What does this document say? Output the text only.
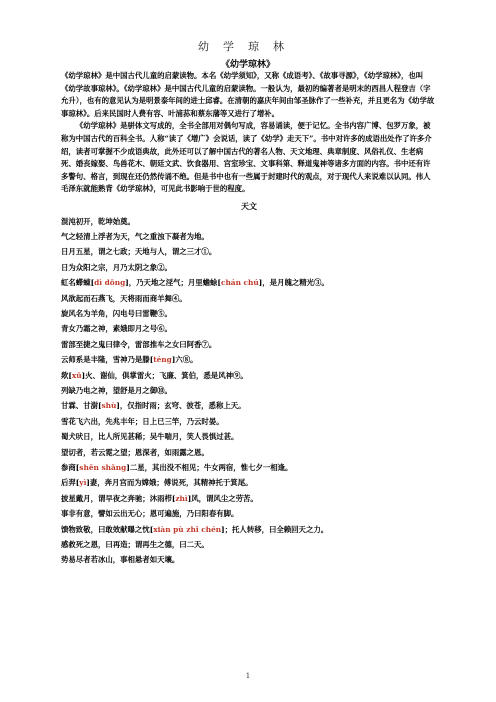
幼学琼林
《幼学琼林》

《幼学琼林》是中国古代儿童的启蒙读物。本名《幼学须知》，又称《成语考》、《故事寻源》，《幼学琼林》，也叫《幼学故事琼林》。《幼学琼林》是中国古代儿童的启蒙读物。一般认为，最初的编著者是明末的西昌人程登吉（字允升），也有的意见认为是明景泰年间的进士邱睿。在清朝的嘉庆年间由邹圣脉作了一些补充，并且更名为《幼学故事琼林》。后来民国时人费有容、叶浦荪和蔡东藩等又进行了增补。

《幼学琼林》是骈体文写成的，全书全部用对偶句写成，容易诵读，便于记忆。全书内容广博、包罗万象，被称为中国古代的百科全书。人称“读了《增广》会说话，读了《幼学》走天下”。书中对许多的成语出处作了许多介绍，读者可掌握不少成语典故，此外还可以了解中国古代的著名人物、天文地理、典章制度、风俗礼仪、生老病死、婚丧嫁娶、鸟兽花木、朝廷文武、饮食器用、宫室珍宝、文事科第、释道鬼神等诸多方面的内容。书中还有许多警句、格言，到现在还仍然传诵不绝。但是书中也有一些属于封建时代的观点，对于现代人来说难以认同。伟人毛泽东就能熟背《幼学琼林》，可见此书影响于世的程度。

天文

混沌初开，乾坤始奠。

气之轻清上浮者为天，气之重浊下凝者为地。

日月五星，谓之七政；天地与人，谓之三才①。

日为众阳之宗，月乃太阴之象②。

虹名䗖蝀[dì dōng]，乃天地之淫气；月里蟾蜍[chán chú]，是月魄之精光③。

风欲起而石燕飞，天将雨而商羊舞④。

旋风名为羊角，闪电号曰雷鞭⑤。

青女乃霜之神，素娥即月之号⑥。

雷部至捷之鬼曰律令，雷部推车之女曰阿香⑦。

云师系是丰隆，雪神乃是滕[téng]六⑧。

欻[xū]火、谢仙，俱掌雷火；飞廉、箕伯，悉是风神⑨。

列缺乃电之神，望舒是月之御⑩。

甘霖、甘澍[shù]，仅指时雨；玄穹、彼苍，悉称上天。

雪花飞六出，先兆丰年；日上已三竿，乃云时晏。

蜀犬吠日，比人所见甚稀；吴牛喘月，笑人畏惧过甚。

望切者，若云霓之望；恩深者，如雨露之恩。

参商[shēn shāng]二星，其出没不相见；牛女两宿，惟七夕一相逢。

后羿[yì]妻，奔月宫而为嫦娥；傅说死，其精神托于箕尾。

披星戴月，谓早夜之奔驰；沐雨栉[zhì]风，谓风尘之劳苦。

事非有意，譬如云出无心；恩可遍施，乃曰阳春有脚。

馈物致敬，曰敢效献曝之忱[xiàn pù zhī chén]；托人转移，曰全赖回天之力。

感救死之恩，曰再造；谓再生之德，曰二天。

势易尽者若冰山，事相悬者如天壤。

1
